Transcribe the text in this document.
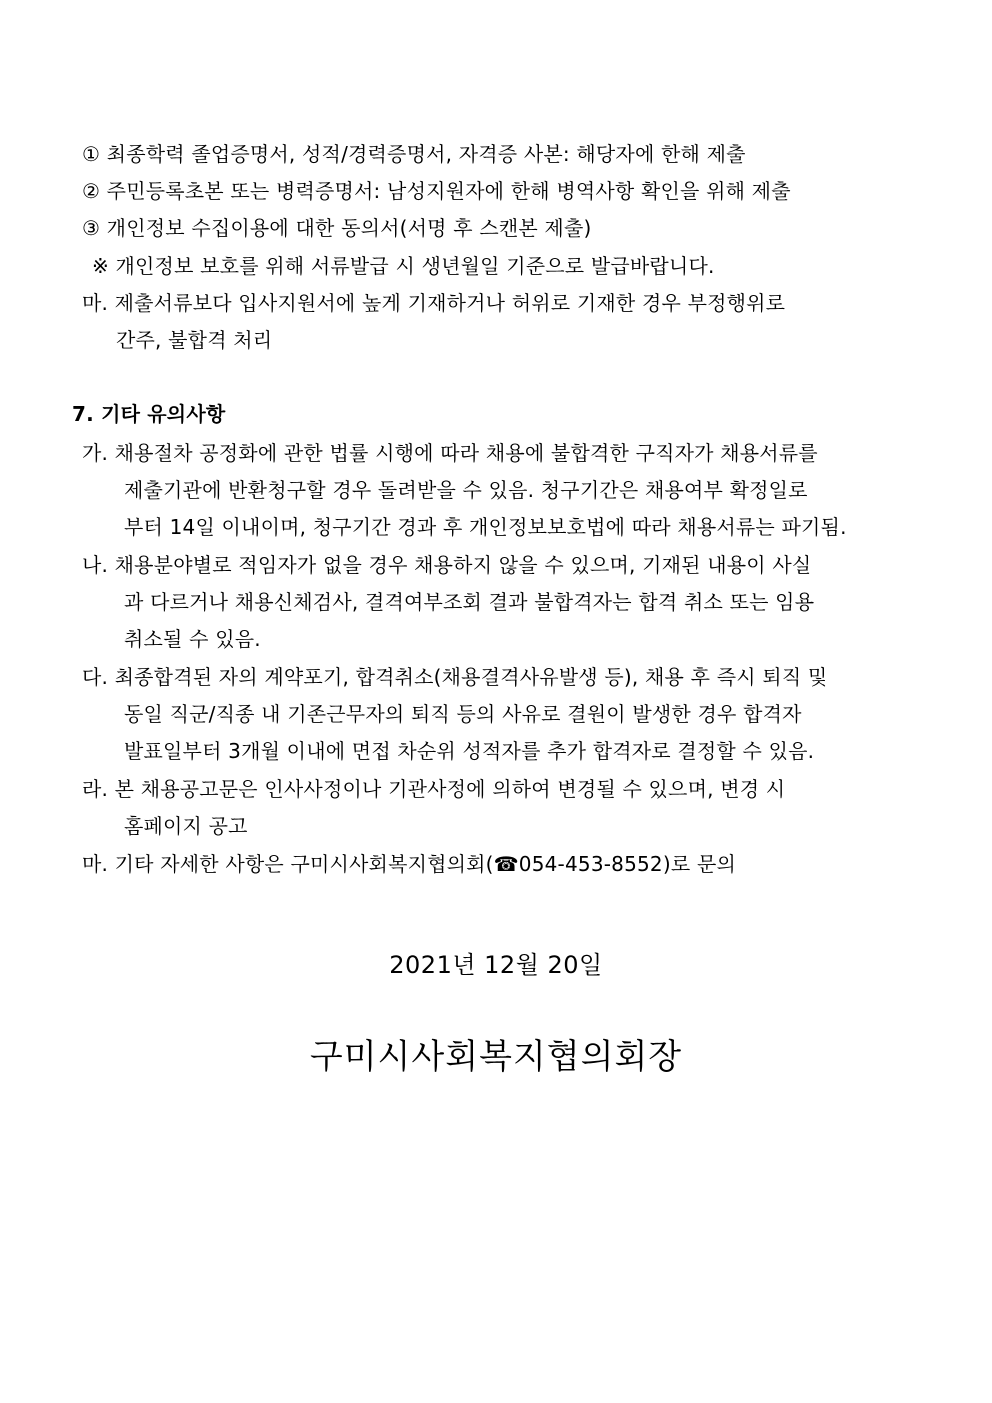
① 최종학력 졸업증명서, 성적/경력증명서, 자격증 사본: 해당자에 한해 제출
② 주민등록초본 또는 병력증명서: 남성지원자에 한해 병역사항 확인을 위해 제출
③ 개인정보 수집이용에 대한 동의서(서명 후 스캔본 제출)
※ 개인정보 보호를 위해 서류발급 시 생년월일 기준으로 발급바랍니다.
마. 제출서류보다 입사지원서에 높게 기재하거나 허위로 기재한 경우 부정행위로
간주, 불합격 처리
7. 기타 유의사항
가. 채용절차 공정화에 관한 법률 시행에 따라 채용에 불합격한 구직자가 채용서류를
제출기관에 반환청구할 경우 돌려받을 수 있음. 청구기간은 채용여부 확정일로
부터 14일 이내이며, 청구기간 경과 후 개인정보보호법에 따라 채용서류는 파기됨.
나. 채용분야별로 적임자가 없을 경우 채용하지 않을 수 있으며, 기재된 내용이 사실
과 다르거나 채용신체검사, 결격여부조회 결과 불합격자는 합격 취소 또는 임용
취소될 수 있음.
다. 최종합격된 자의 계약포기, 합격취소(채용결격사유발생 등), 채용 후 즉시 퇴직 및
동일 직군/직종 내 기존근무자의 퇴직 등의 사유로 결원이 발생한 경우 합격자
발표일부터 3개월 이내에 면접 차순위 성적자를 추가 합격자로 결정할 수 있음.
라. 본 채용공고문은 인사사정이나 기관사정에 의하여 변경될 수 있으며, 변경 시
홈페이지 공고
마. 기타 자세한 사항은 구미시사회복지협의회(☎054-453-8552)로 문의
2021년 12월 20일
구미시사회복지협의회장
